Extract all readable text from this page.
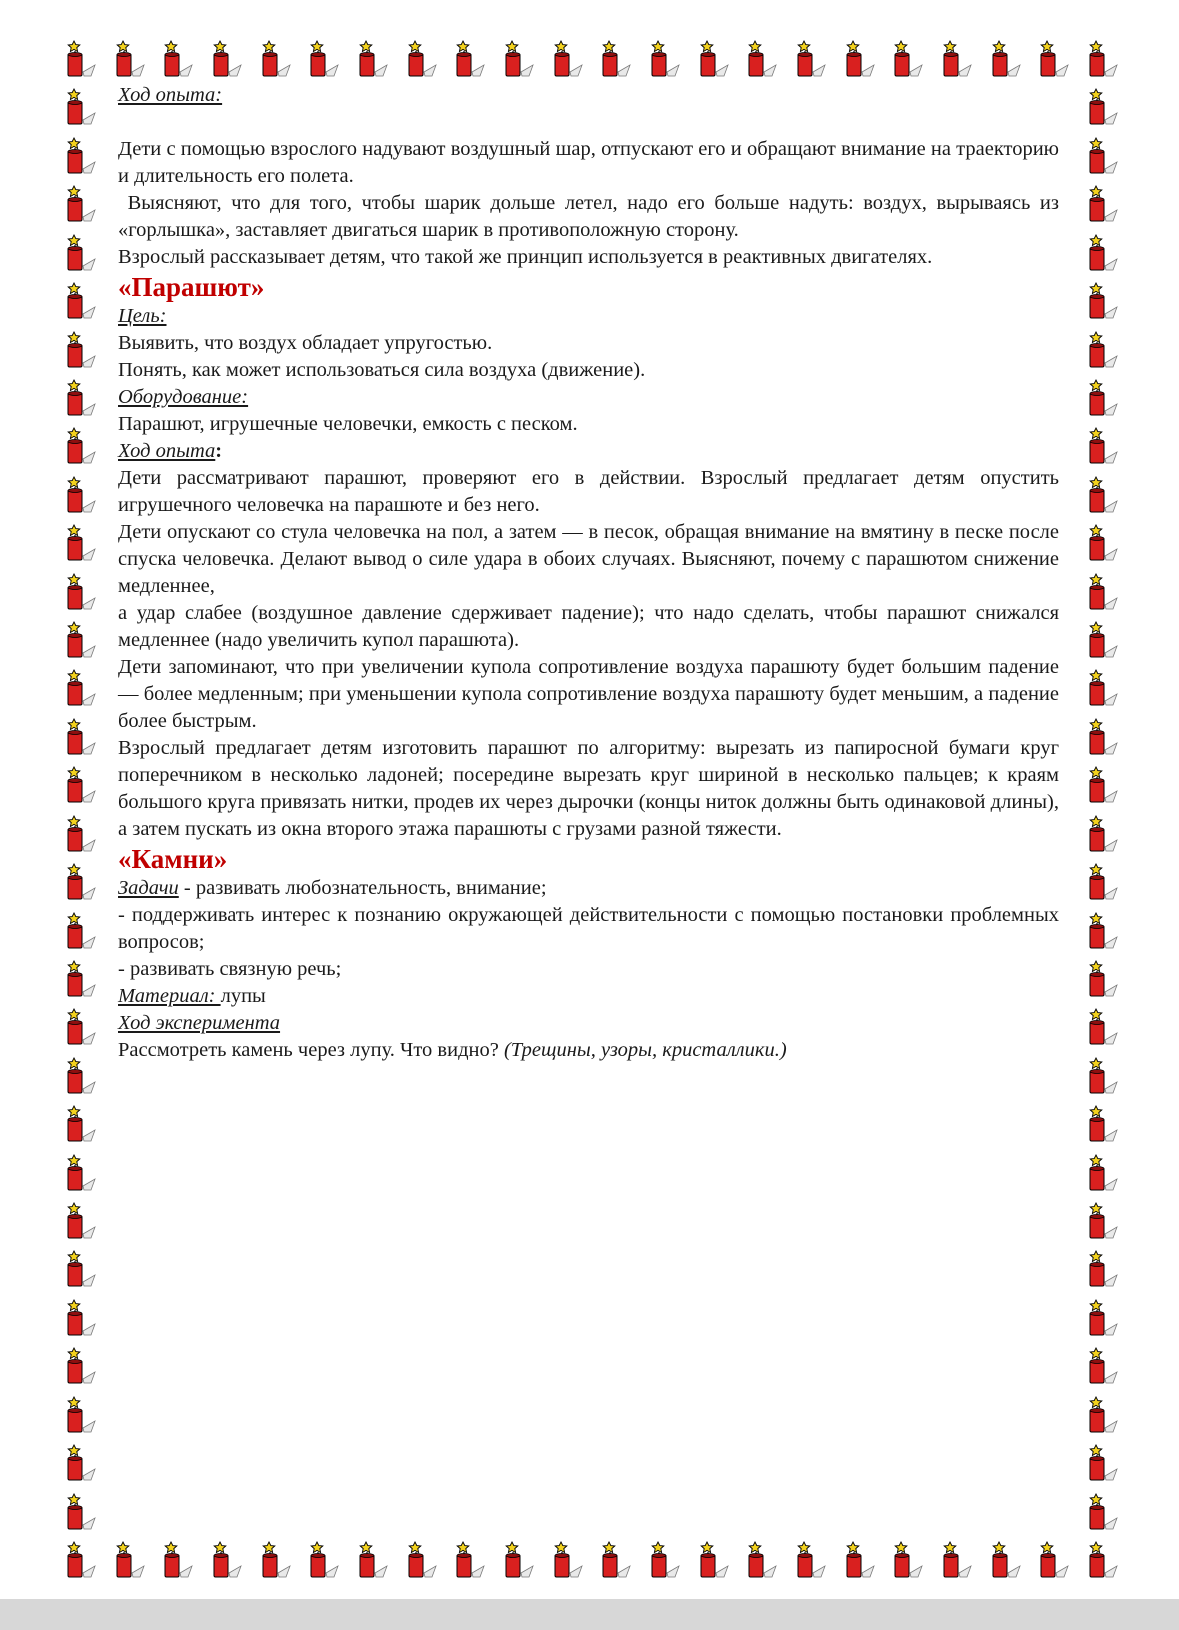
Ход опыта:

Дети с помощью взрослого надувают воздушный шар, отпускают его и обращают внимание на траекторию и длительность его полета.

Выясняют, что для того, чтобы шарик дольше летел, надо его больше надуть: воздух, вырываясь из «горлышка», заставляет двигаться шарик в противоположную сторону.

Взрослый рассказывает детям, что такой же принцип используется в реактивных двигателях.

«Парашют»

Цель:

Выявить, что воздух обладает упругостью.

Понять, как может использоваться сила воздуха (движение).

Оборудование:

Парашют, игрушечные человечки, емкость с песком.

Ход опыта:

Дети рассматривают парашют, проверяют его в действии. Взрослый предлагает детям опустить игрушечного человечка на парашюте и без него.

Дети опускают со стула человечка на пол, а затем — в песок, обращая внимание на вмятину в песке после спуска человечка. Делают вывод о силе удара в обоих случаях. Выясняют, почему с парашютом снижение медленнее,

а удар слабее (воздушное давление сдерживает падение); что надо сделать, чтобы парашют снижался медленнее (надо увеличить купол парашюта).

Дети запоминают, что при увеличении купола сопротивление воздуха парашюту будет большим падение — более медленным; при уменьшении купола сопротивление воздуха парашюту будет меньшим, а падение более быстрым.

Взрослый предлагает детям изготовить парашют по алгоритму: вырезать из папиросной бумаги круг поперечником в несколько ладоней; посередине вырезать круг шириной в несколько пальцев; к краям большого круга привязать нитки, продев их через дырочки (концы ниток должны быть одинаковой длины), а затем пускать из окна второго этажа парашюты с грузами разной тяжести.

«Камни»

Задачи - развивать любознательность, внимание;

- поддерживать интерес к познанию окружающей действительности с помощью постановки проблемных вопросов;

- развивать связную речь;

Материал: лупы

Ход эксперимента

Рассмотреть камень через лупу. Что видно? (Трещины, узоры, кристаллики.)
